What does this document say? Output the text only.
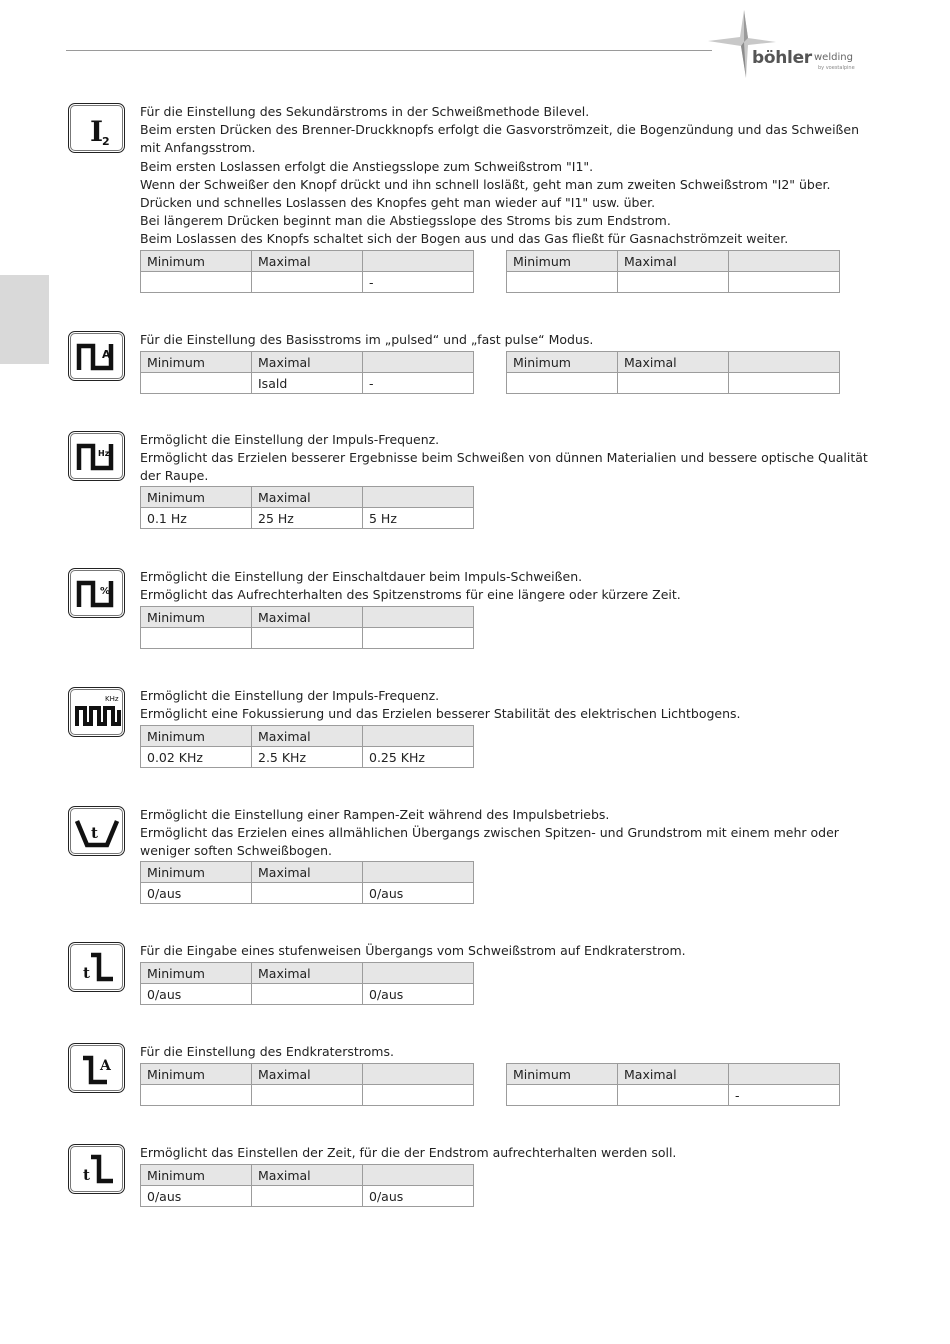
böhler welding
by voestalpine
I
2

Für die Einstellung des Sekundärstroms in der Schweißmethode Bilevel.

Beim ersten Drücken des Brenner-Druckknopfs erfolgt die Gasvorströmzeit, die Bogenzündung und das Schweißen mit Anfangsstrom.

Beim ersten Loslassen erfolgt die Anstiegsslope zum Schweißstrom "I1".

Wenn der Schweißer den Knopf drückt und ihn schnell losläßt, geht man zum zweiten Schweißstrom "I2" über.

Drücken und schnelles Loslassen des Knopfes geht man wieder auf "I1" usw. über.

Bei längerem Drücken beginnt man die Abstiegsslope des Stroms bis zum Endstrom.

Beim Loslassen des Knopfs schaltet sich der Bogen aus und das Gas fließt für Gasnachströmzeit weiter.

Minimum	Maximal	
		-
Minimum	Maximal	

A

Für die Einstellung des Basisstroms im „pulsed“ und „fast pulse“ Modus.

Minimum	Maximal	
	Isald	-
Minimum	Maximal	

Hz

Ermöglicht die Einstellung der Impuls-Frequenz.

Ermöglicht das Erzielen besserer Ergebnisse beim Schweißen von dünnen Materialien und bessere optische Qualität der Raupe.

Minimum	Maximal	
0.1 Hz	25 Hz	5 Hz
%

Ermöglicht die Einstellung der Einschaltdauer beim Impuls-Schweißen.

Ermöglicht das Aufrechterhalten des Spitzenstroms für eine längere oder kürzere Zeit.

Minimum	Maximal	

KHz Ermöglicht die Einstellung der Impuls-Frequenz.

Ermöglicht eine Fokussierung und das Erzielen besserer Stabilität des elektrischen Lichtbogens.

Minimum	Maximal	
0.02 KHz	2.5 KHz	0.25 KHz
t

Ermöglicht die Einstellung einer Rampen-Zeit während des Impulsbetriebs.

Ermöglicht das Erzielen eines allmählichen Übergangs zwischen Spitzen- und Grundstrom mit einem mehr oder weniger soften Schweißbogen.

Minimum	Maximal	
0/aus		0/aus
t

Für die Eingabe eines stufenweisen Übergangs vom Schweißstrom auf Endkraterstrom.

Minimum	Maximal	
0/aus		0/aus
A

Für die Einstellung des Endkraterstroms.

Minimum	Maximal	
			Minimum	Maximal	
		-
t

Ermöglicht das Einstellen der Zeit, für die der Endstrom aufrechterhalten werden soll.

Minimum	Maximal	
0/aus		0/aus
